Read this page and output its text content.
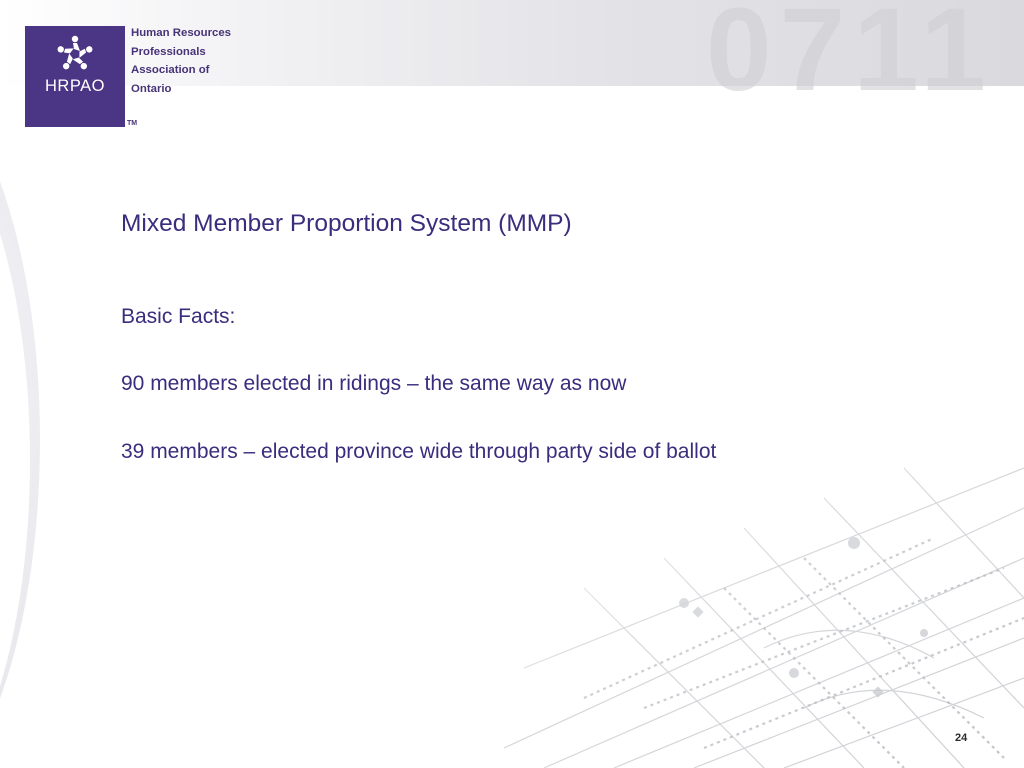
0711
HRPAO
Human Resources
Professionals
Association of
Ontario
TM
Mixed Member Proportion System (MMP)
Basic Facts:
90 members elected in ridings – the same way as now
39 members – elected province wide through party side of ballot
24
